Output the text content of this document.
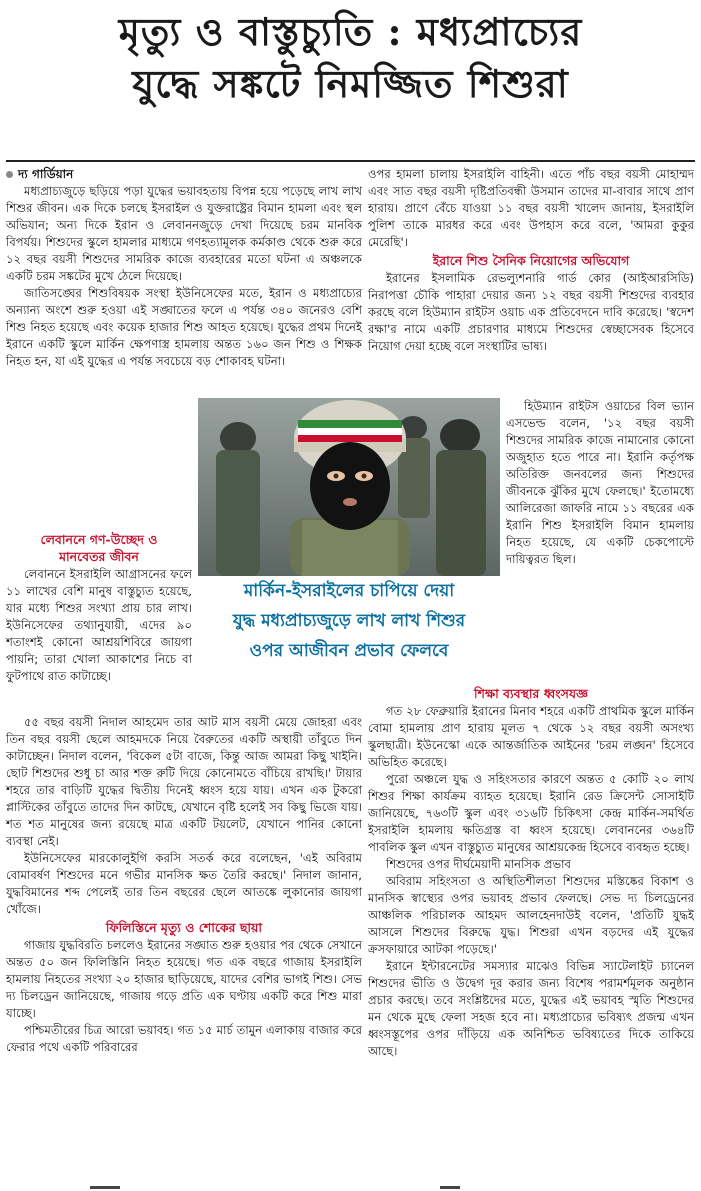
মৃত্যু ও বাস্তুচ্যুতি : মধ্যপ্রাচ্যের
যুদ্ধে সঙ্কটে নিমজ্জিত শিশুরা
দ্য গার্ডিয়ান

মধ্যপ্রাচ্যজুড়ে ছড়িয়ে পড়া যুদ্ধের ভয়াবহতায় বিপন্ন হয়ে পড়েছে লাখ লাখ শিশুর জীবন। এক দিকে চলছে ইসরাইল ও যুক্তরাষ্ট্রের বিমান হামলা এবং স্থল অভিযান; অন্য দিকে ইরান ও লেবাননজুড়ে দেখা দিয়েছে চরম মানবিক বিপর্যয়। শিশুদের স্কুলে হামলার মাধ্যমে গণহত্যামূলক কর্মকাণ্ড থেকে শুরু করে ১২ বছর বয়সী শিশুদের সামরিক কাজে ব্যবহারের মতো ঘটনা এ অঞ্চলকে একটি চরম সঙ্কটের মুখে ঠেলে দিয়েছে।

জাতিসঙ্ঘের শিশুবিষয়ক সংস্থা ইউনিসেফের মতে, ইরান ও মধ্যপ্রাচ্যের অন্যান্য অংশে শুরু হওয়া এই সঙ্ঘাতের ফলে এ পর্যন্ত ৩৪০ জনেরও বেশি শিশু নিহত হয়েছে এবং কয়েক হাজার শিশু আহত হয়েছে। যুদ্ধের প্রথম দিনেই ইরানে একটি স্কুলে মার্কিন ক্ষেপণাস্ত্র হামলায় অন্তত ১৬০ জন শিশু ও শিক্ষক নিহত হন, যা এই যুদ্ধের এ পর্যন্ত সবচেয়ে বড় শোকাবহ ঘটনা।

লেবাননে গণ-উচ্ছেদ ও
মানবেতর জীবন

লেবাননে ইসরাইলি আগ্রাসনের ফলে ১১ লাখের বেশি মানুষ বাস্তুচ্যুত হয়েছে, যার মধ্যে শিশুর সংখ্যা প্রায় চার লাখ। ইউনিসেফের তথ্যানুযায়ী, এদের ৯০ শতাংশই কোনো আশ্রয়শিবিরে জায়গা পায়নি; তারা খোলা আকাশের নিচে বা ফুটপাথে রাত কাটাচ্ছে।

৫৫ বছর বয়সী নিদাল আহমেদ তার আট মাস বয়সী মেয়ে জোহরা এবং তিন বছর বয়সী ছেলে আহমদকে নিয়ে বৈরুতের একটি অস্থায়ী তাঁবুতে দিন কাটাচ্ছেন। নিদাল বলেন, 'বিকেল ৫টা বাজে, কিন্তু আজ আমরা কিছু খাইনি। ছোট শিশুদের শুধু চা আর শক্ত রুটি দিয়ে কোনোমতে বাঁচিয়ে রাখছি।' টায়ার শহরে তার বাড়িটি যুদ্ধের দ্বিতীয় দিনেই ধ্বংস হয়ে যায়। এখন এক টুকরো প্লাস্টিকের তাঁবুতে তাদের দিন কাটছে, যেখানে বৃষ্টি হলেই সব কিছু ভিজে যায়। শত শত মানুষের জন্য রয়েছে মাত্র একটি টয়লেট, যেখানে পানির কোনো ব্যবস্থা নেই।

ইউনিসেফের মারকোলুইগি করসি সতর্ক করে বলেছেন, 'এই অবিরাম বোমাবর্ষণ শিশুদের মনে গভীর মানসিক ক্ষত তৈরি করছে।' নিদাল জানান, যুদ্ধবিমানের শব্দ পেলেই তার তিন বছরের ছেলে আতঙ্কে লুকানোর জায়গা খোঁজে।

ফিলিস্তিনে মৃত্যু ও শোকের ছায়া

গাজায় যুদ্ধবিরতি চললেও ইরানের সঙ্ঘাত শুরু হওয়ার পর থেকে সেখানে অন্তত ৫০ জন ফিলিস্তিনি নিহত হয়েছে। গত এক বছরে গাজায় ইসরাইলি হামলায় নিহতের সংখ্যা ২০ হাজার ছাড়িয়েছে, যাদের বেশির ভাগই শিশু। সেভ দ্য চিলড্রেন জানিয়েছে, গাজায় গড়ে প্রতি এক ঘণ্টায় একটি করে শিশু মারা যাচ্ছে।

পশ্চিমতীরের চিত্র আরো ভয়াবহ। গত ১৫ মার্চ তামুন এলাকায় বাজার করে ফেরার পথে একটি পরিবারের

ওপর হামলা চালায় ইসরাইলি বাহিনী। এতে পাঁচ বছর বয়সী মোহাম্মদ এবং সাত বছর বয়সী দৃষ্টিপ্রতিবন্ধী উসমান তাদের মা-বাবার সাথে প্রাণ হারায়। প্রাণে বেঁচে যাওয়া ১১ বছর বয়সী খালেদ জানায়, ইসরাইলি পুলিশ তাকে মারধর করে এবং উপহাস করে বলে, 'আমরা কুকুর মেরেছি'।

ইরানে শিশু সৈনিক নিয়োগের অভিযোগ

ইরানের ইসলামিক রেভল্যুশনারি গার্ড কোর (আইআরসিডি) নিরাপত্তা চৌকি পাহারা দেয়ার জন্য ১২ বছর বয়সী শিশুদের ব্যবহার করছে বলে হিউম্যান রাইটস ওয়াচ এক প্রতিবেদনে দাবি করেছে। 'স্বদেশ রক্ষা'র নামে একটি প্রচারণার মাধ্যমে শিশুদের স্বেচ্ছাসেবক হিসেবে নিয়োগ দেয়া হচ্ছে বলে সংস্থাটির ভাষ্য।

হিউম্যান রাইটস ওয়াচের বিল ভ্যান এসভেল্ড বলেন, '১২ বছর বয়সী শিশুদের সামরিক কাজে নামানোর কোনো অজুহাত হতে পারে না। ইরানি কর্তৃপক্ষ অতিরিক্ত জনবলের জন্য শিশুদের জীবনকে ঝুঁকির মুখে ফেলছে।' ইতোমধ্যে আলিরেজা জাফরি নামে ১১ বছরের এক ইরানি শিশু ইসরাইলি বিমান হামলায় নিহত হয়েছে, যে একটি চেকপোস্টে দায়িত্বরত ছিল।

শিক্ষা ব্যবস্থার ধ্বংসযজ্ঞ

গত ২৮ ফেব্রুয়ারি ইরানের মিনাব শহরে একটি প্রাথমিক স্কুলে মার্কিন বোমা হামলায় প্রাণ হারায় মূলত ৭ থেকে ১২ বছর বয়সী অসংখ্য স্কুলছাত্রী। ইউনেস্কো একে আন্তর্জাতিক আইনের 'চরম লঙ্ঘন' হিসেবে অভিহিত করেছে।

পুরো অঞ্চলে যুদ্ধ ও সহিংসতার কারণে অন্তত ৫ কোটি ২০ লাখ শিশুর শিক্ষা কার্যক্রম ব্যাহত হয়েছে। ইরানি রেড ক্রিসেন্ট সোসাইটি জানিয়েছে, ৭৬৩টি স্কুল এবং ৩১৬টি চিকিৎসা কেন্দ্র মার্কিন-সমর্থিত ইসরাইলি হামলায় ক্ষতিগ্রস্ত বা ধ্বংস হয়েছে। লেবাননের ৩৬৪টি পাবলিক স্কুল এখন বাস্তুচ্যুত মানুষের আশ্রয়কেন্দ্র হিসেবে ব্যবহৃত হচ্ছে।

শিশুদের ওপর দীর্ঘমেয়াদী মানসিক প্রভাব

অবিরাম সহিংসতা ও অস্থিতিশীলতা শিশুদের মস্তিষ্কের বিকাশ ও মানসিক স্বাস্থ্যের ওপর ভয়াবহ প্রভাব ফেলছে। সেভ দ্য চিলড্রেনের আঞ্চলিক পরিচালক আহমদ আলহেনদাউই বলেন, 'প্রতিটি যুদ্ধই আসলে শিশুদের বিরুদ্ধে যুদ্ধ। শিশুরা এখন বড়দের এই যুদ্ধের ক্রসফায়ারে আটকা পড়েছে।'

ইরানে ইন্টারনেটের সমস্যার মাঝেও বিভিন্ন স্যাটেলাইট চ্যানেল শিশুদের ভীতি ও উদ্বেগ দূর করার জন্য বিশেষ পরামর্শমূলক অনুষ্ঠান প্রচার করছে। তবে সংশ্লিষ্টদের মতে, যুদ্ধের এই ভয়াবহ স্মৃতি শিশুদের মন থেকে মুছে ফেলা সহজ হবে না। মধ্যপ্রাচ্যের ভবিষ্যৎ প্রজন্ম এখন ধ্বংসস্তূপের ওপর দাঁড়িয়ে এক অনিশ্চিত ভবিষ্যতের দিকে তাকিয়ে আছে।

মার্কিন-ইসরাইলের চাপিয়ে দেয়া
যুদ্ধ মধ্যপ্রাচ্যজুড়ে লাখ লাখ শিশুর
ওপর আজীবন প্রভাব ফেলবে
